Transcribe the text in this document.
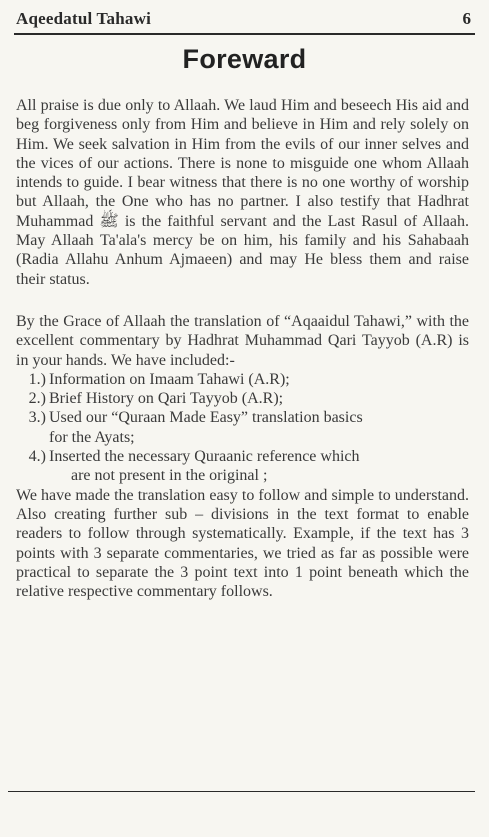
Aqeedatul Tahawi	6
Foreward

All praise is due only to Allaah. We laud Him and beseech His aid and beg forgiveness only from Him and believe in Him and rely solely on Him. We seek salvation in Him from the evils of our inner selves and the vices of our actions. There is none to misguide one whom Allaah intends to guide. I bear witness that there is no one worthy of worship but Allaah, the One who has no partner. I also testify that Hadhrat Muhammad ﷺ is the faithful servant and the Last Rasul of Allaah. May Allaah Ta'ala's mercy be on him, his family and his Sahabaah (Radia Allahu Anhum Ajmaeen) and may He bless them and raise their status.

By the Grace of Allaah the translation of “Aqaaidul Tahawi,” with the excellent commentary by Hadhrat Muhammad Qari Tayyob (A.R) is in your hands. We have included:-

1.) Information on Imaam Tahawi (A.R);
2.) Brief History on Qari Tayyob (A.R);
3.) Used our “Quraan Made Easy” translation basics
for the Ayats;
4.) Inserted the necessary Quraanic reference which
are not present in the original ;

We have made the translation easy to follow and simple to understand. Also creating further sub – divisions in the text format to enable readers to follow through systematically. Example, if the text has 3 points with 3 separate commentaries, we tried as far as possible were practical to separate the 3 point text into 1 point beneath which the relative respective commentary follows.
